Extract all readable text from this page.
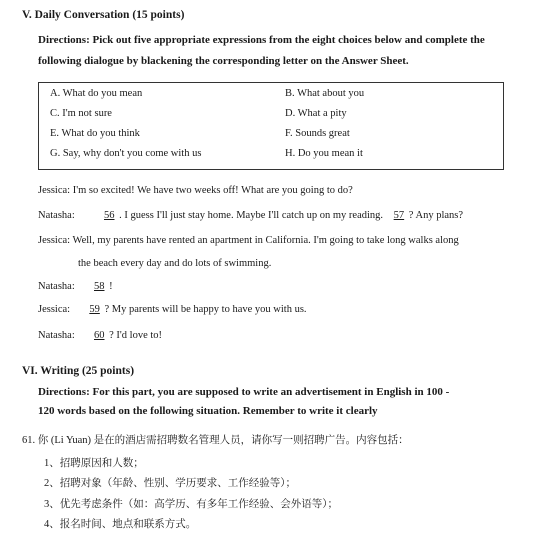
V. Daily Conversation (15 points)
Directions: Pick out five appropriate expressions from the eight choices below and complete the
following dialogue by blackening the corresponding letter on the Answer Sheet.
A. What do you mean	B. What about you
C. I'm not sure	D. What a pity
E. What do you think	F. Sounds great
G. Say, why don't you come with us	H. Do you mean it
Jessica: I'm so excited! We have two weeks off! What are you going to do?
Natasha:	56 . I guess I'll just stay home. Maybe I'll catch up on my reading. 57 ? Any plans?
Jessica: Well, my parents have rented an apartment in California. I'm going to take long walks along
the beach every day and do lots of swimming.
Natasha: 58 !
Jessica: 59 ? My parents will be happy to have you with us.
Natasha: 60 ? I'd love to!
VI. Writing (25 points)
Directions: For this part, you are supposed to write an advertisement in English in 100 -
120 words based on the following situation. Remember to write it clearly
61. 你 (Li Yuan) 是在的酒店需招聘数名管理人员，请你写一则招聘广告。内容包括：
1、招聘原因和人数；
2、招聘对象（年龄、性别、学历要求、工作经验等）；
3、优先考虑条件（如：高学历、有多年工作经验、会外语等）；
4、报名时间、地点和联系方式。
